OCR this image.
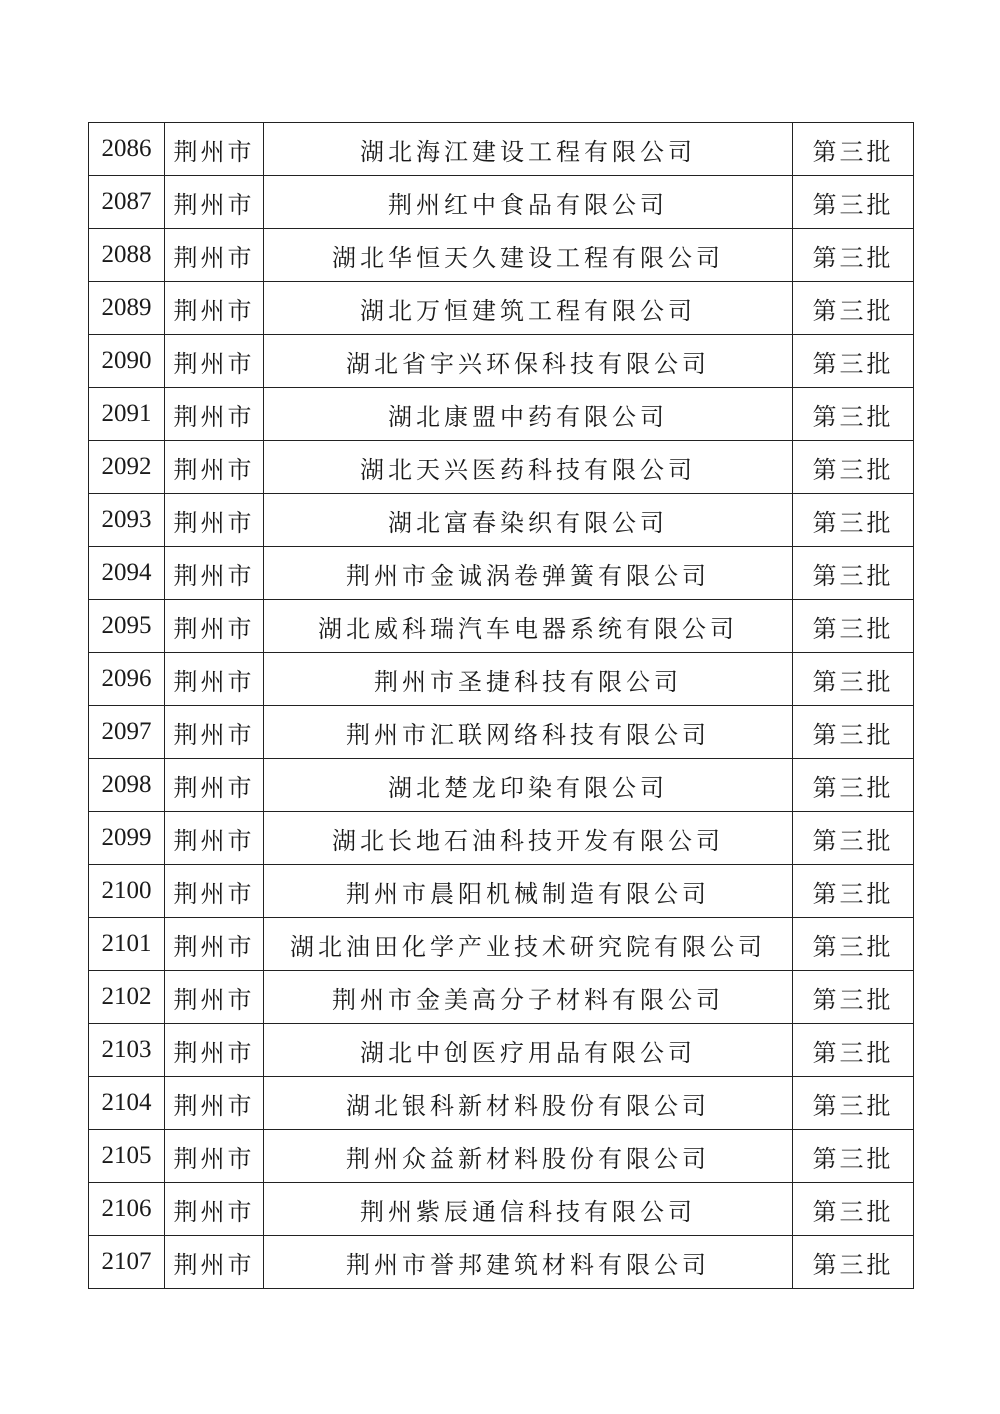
2086	荆州市	湖北海江建设工程有限公司	第三批
2087	荆州市	荆州红中食品有限公司	第三批
2088	荆州市	湖北华恒天久建设工程有限公司	第三批
2089	荆州市	湖北万恒建筑工程有限公司	第三批
2090	荆州市	湖北省宇兴环保科技有限公司	第三批
2091	荆州市	湖北康盟中药有限公司	第三批
2092	荆州市	湖北天兴医药科技有限公司	第三批
2093	荆州市	湖北富春染织有限公司	第三批
2094	荆州市	荆州市金诚涡卷弹簧有限公司	第三批
2095	荆州市	湖北威科瑞汽车电器系统有限公司	第三批
2096	荆州市	荆州市圣捷科技有限公司	第三批
2097	荆州市	荆州市汇联网络科技有限公司	第三批
2098	荆州市	湖北楚龙印染有限公司	第三批
2099	荆州市	湖北长地石油科技开发有限公司	第三批
2100	荆州市	荆州市晨阳机械制造有限公司	第三批
2101	荆州市	湖北油田化学产业技术研究院有限公司	第三批
2102	荆州市	荆州市金美高分子材料有限公司	第三批
2103	荆州市	湖北中创医疗用品有限公司	第三批
2104	荆州市	湖北银科新材料股份有限公司	第三批
2105	荆州市	荆州众益新材料股份有限公司	第三批
2106	荆州市	荆州紫辰通信科技有限公司	第三批
2107	荆州市	荆州市誉邦建筑材料有限公司	第三批
